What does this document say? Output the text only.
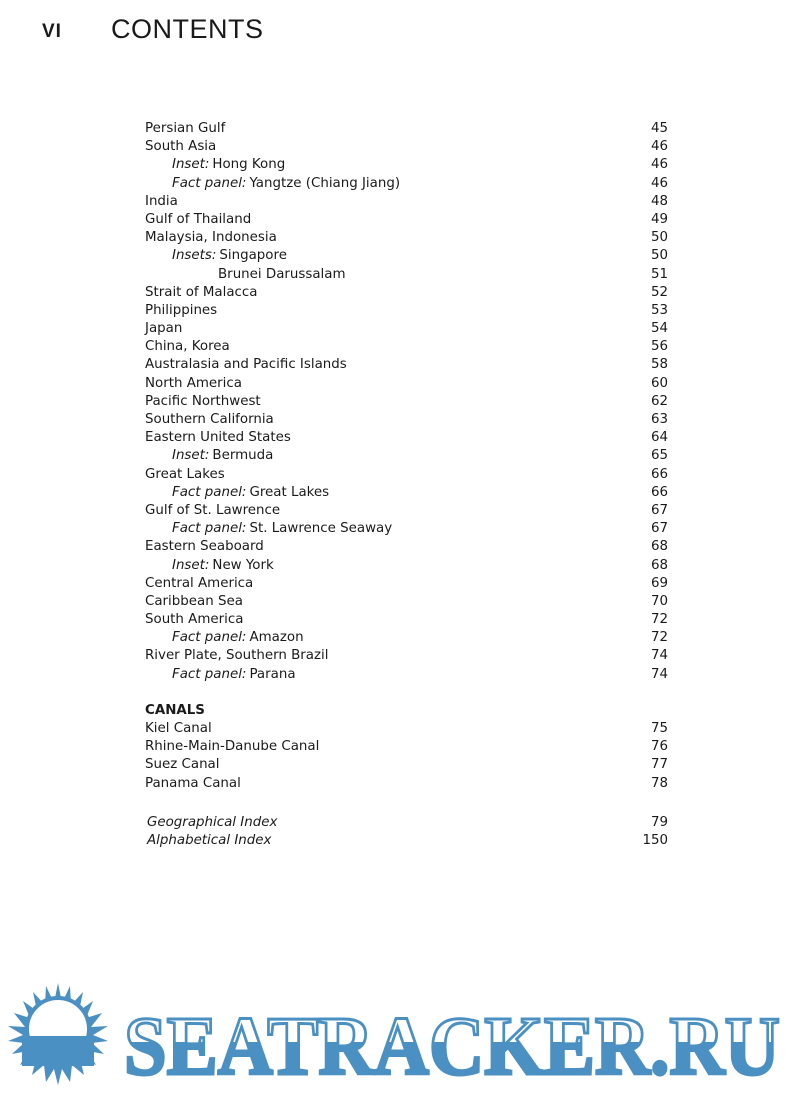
VI CONTENTS
Persian Gulf	45
South Asia	46
Inset: Hong Kong	46
Fact panel: Yangtze (Chiang Jiang)	46
India	48
Gulf of Thailand	49
Malaysia, Indonesia	50
Insets: Singapore	50
Brunei Darussalam	51
Strait of Malacca	52
Philippines	53
Japan	54
China, Korea	56
Australasia and Pacific Islands	58
North America	60
Pacific Northwest	62
Southern California	63
Eastern United States	64
Inset: Bermuda	65
Great Lakes	66
Fact panel: Great Lakes	66
Gulf of St. Lawrence	67
Fact panel: St. Lawrence Seaway	67
Eastern Seaboard	68
Inset: New York	68
Central America	69
Caribbean Sea	70
South America	72
Fact panel: Amazon	72
River Plate, Southern Brazil	74
Fact panel: Parana	74
CANALS
Kiel Canal	75
Rhine-Main-Danube Canal	76
Suez Canal	77
Panama Canal	78
Geographical Index	79
Alphabetical Index	150
SEATRACKER.RU
